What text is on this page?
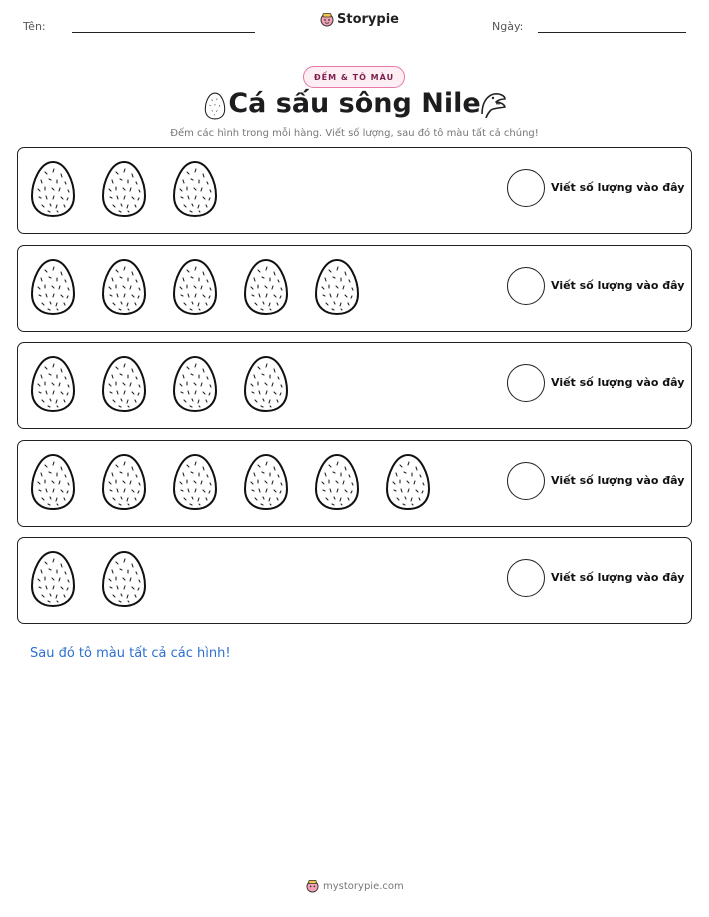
Tên:	Storypie	Ngày:
ĐẾM & TÔ MÀU
Cá sấu sông Nile
Đếm các hình trong mỗi hàng. Viết số lượng, sau đó tô màu tất cả chúng!
Viết số lượng vào đây
Viết số lượng vào đây
Viết số lượng vào đây
Viết số lượng vào đây
Viết số lượng vào đây
Sau đó tô màu tất cả các hình!
mystorypie.com
